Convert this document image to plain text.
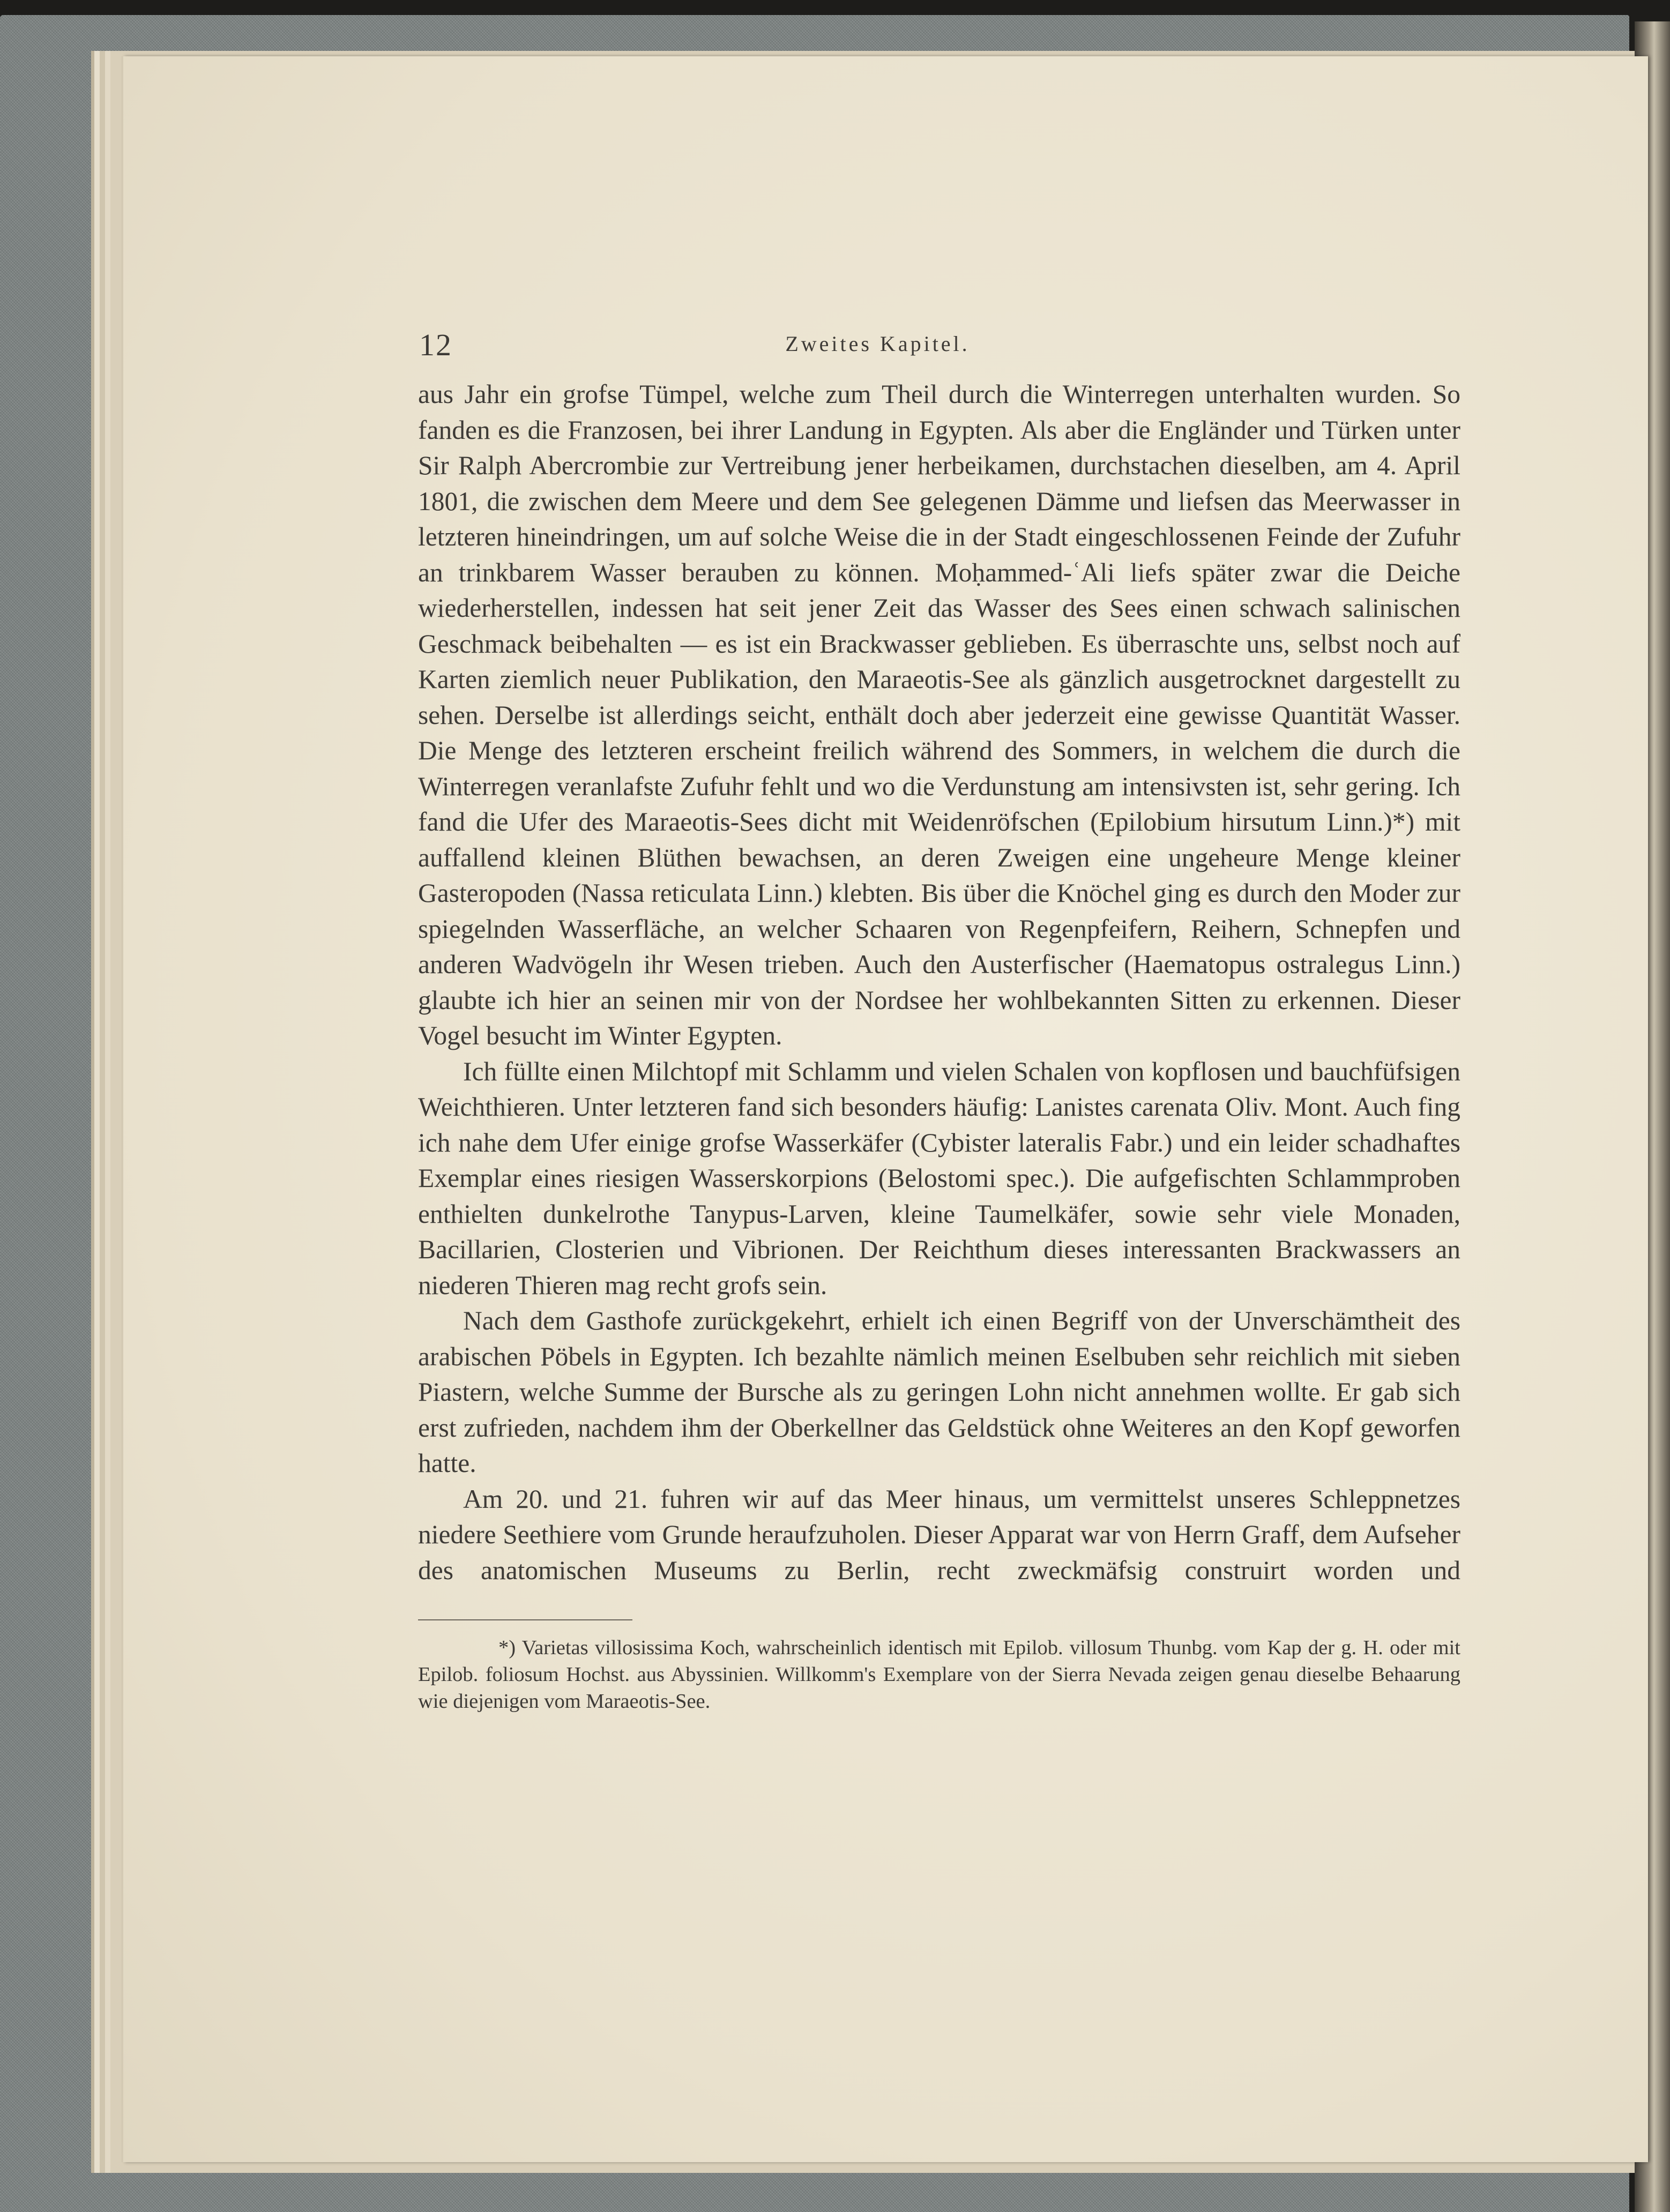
12	Zweites Kapitel.

aus Jahr ein grofse Tümpel, welche zum Theil durch die Winterregen unterhalten wurden. So fanden es die Franzosen, bei ihrer Landung in Egypten. Als aber die Engländer und Türken unter Sir Ralph Abercrombie zur Vertreibung jener herbeikamen, durchstachen dieselben, am 4. April 1801, die zwischen dem Meere und dem See gelegenen Dämme und liefsen das Meerwasser in letzteren hineindringen, um auf solche Weise die in der Stadt eingeschlossenen Feinde der Zufuhr an trinkbarem Wasser berauben zu können. Moḥammed-ʿAli liefs später zwar die Deiche wiederherstellen, indessen hat seit jener Zeit das Wasser des Sees einen schwach salinischen Geschmack beibehalten — es ist ein Brackwasser geblieben. Es überraschte uns, selbst noch auf Karten ziemlich neuer Publikation, den Maraeotis-See als gänzlich ausgetrocknet dargestellt zu sehen. Derselbe ist allerdings seicht, enthält doch aber jederzeit eine gewisse Quantität Wasser. Die Menge des letzteren erscheint freilich während des Sommers, in welchem die durch die Winterregen veranlafste Zufuhr fehlt und wo die Verdunstung am intensivsten ist, sehr gering. Ich fand die Ufer des Maraeotis-Sees dicht mit Weidenröfschen (Epilobium hirsutum Linn.)*) mit auffallend kleinen Blüthen bewachsen, an deren Zweigen eine ungeheure Menge kleiner Gasteropoden (Nassa reticulata Linn.) klebten. Bis über die Knöchel ging es durch den Moder zur spiegelnden Wasserfläche, an welcher Schaaren von Regenpfeifern, Reihern, Schnepfen und anderen Wadvögeln ihr Wesen trieben. Auch den Austerfischer (Haematopus ostralegus Linn.) glaubte ich hier an seinen mir von der Nordsee her wohlbekannten Sitten zu erkennen. Dieser Vogel besucht im Winter Egypten.

Ich füllte einen Milchtopf mit Schlamm und vielen Schalen von kopflosen und bauchfüfsigen Weichthieren. Unter letzteren fand sich besonders häufig: Lanistes carenata Oliv. Mont. Auch fing ich nahe dem Ufer einige grofse Wasserkäfer (Cybister lateralis Fabr.) und ein leider schadhaftes Exemplar eines riesigen Wasserskorpions (Belostomi spec.). Die aufgefischten Schlammproben enthielten dunkelrothe Tanypus-Larven, kleine Taumelkäfer, sowie sehr viele Monaden, Bacillarien, Closterien und Vibrionen. Der Reichthum dieses interessanten Brackwassers an niederen Thieren mag recht grofs sein.

Nach dem Gasthofe zurückgekehrt, erhielt ich einen Begriff von der Unverschämtheit des arabischen Pöbels in Egypten. Ich bezahlte nämlich meinen Eselbuben sehr reichlich mit sieben Piastern, welche Summe der Bursche als zu geringen Lohn nicht annehmen wollte. Er gab sich erst zufrieden, nachdem ihm der Oberkellner das Geldstück ohne Weiteres an den Kopf geworfen hatte.

Am 20. und 21. fuhren wir auf das Meer hinaus, um vermittelst unseres Schleppnetzes niedere Seethiere vom Grunde heraufzuholen. Dieser Apparat war von Herrn Graff, dem Aufseher des anatomischen Museums zu Berlin, recht zweckmäfsig construirt worden und

*) Varietas villosissima Koch, wahrscheinlich identisch mit Epilob. villosum Thunbg. vom Kap der g. H. oder mit Epilob. foliosum Hochst. aus Abyssinien. Willkomm's Exemplare von der Sierra Nevada zeigen genau dieselbe Behaarung wie diejenigen vom Maraeotis-See.
